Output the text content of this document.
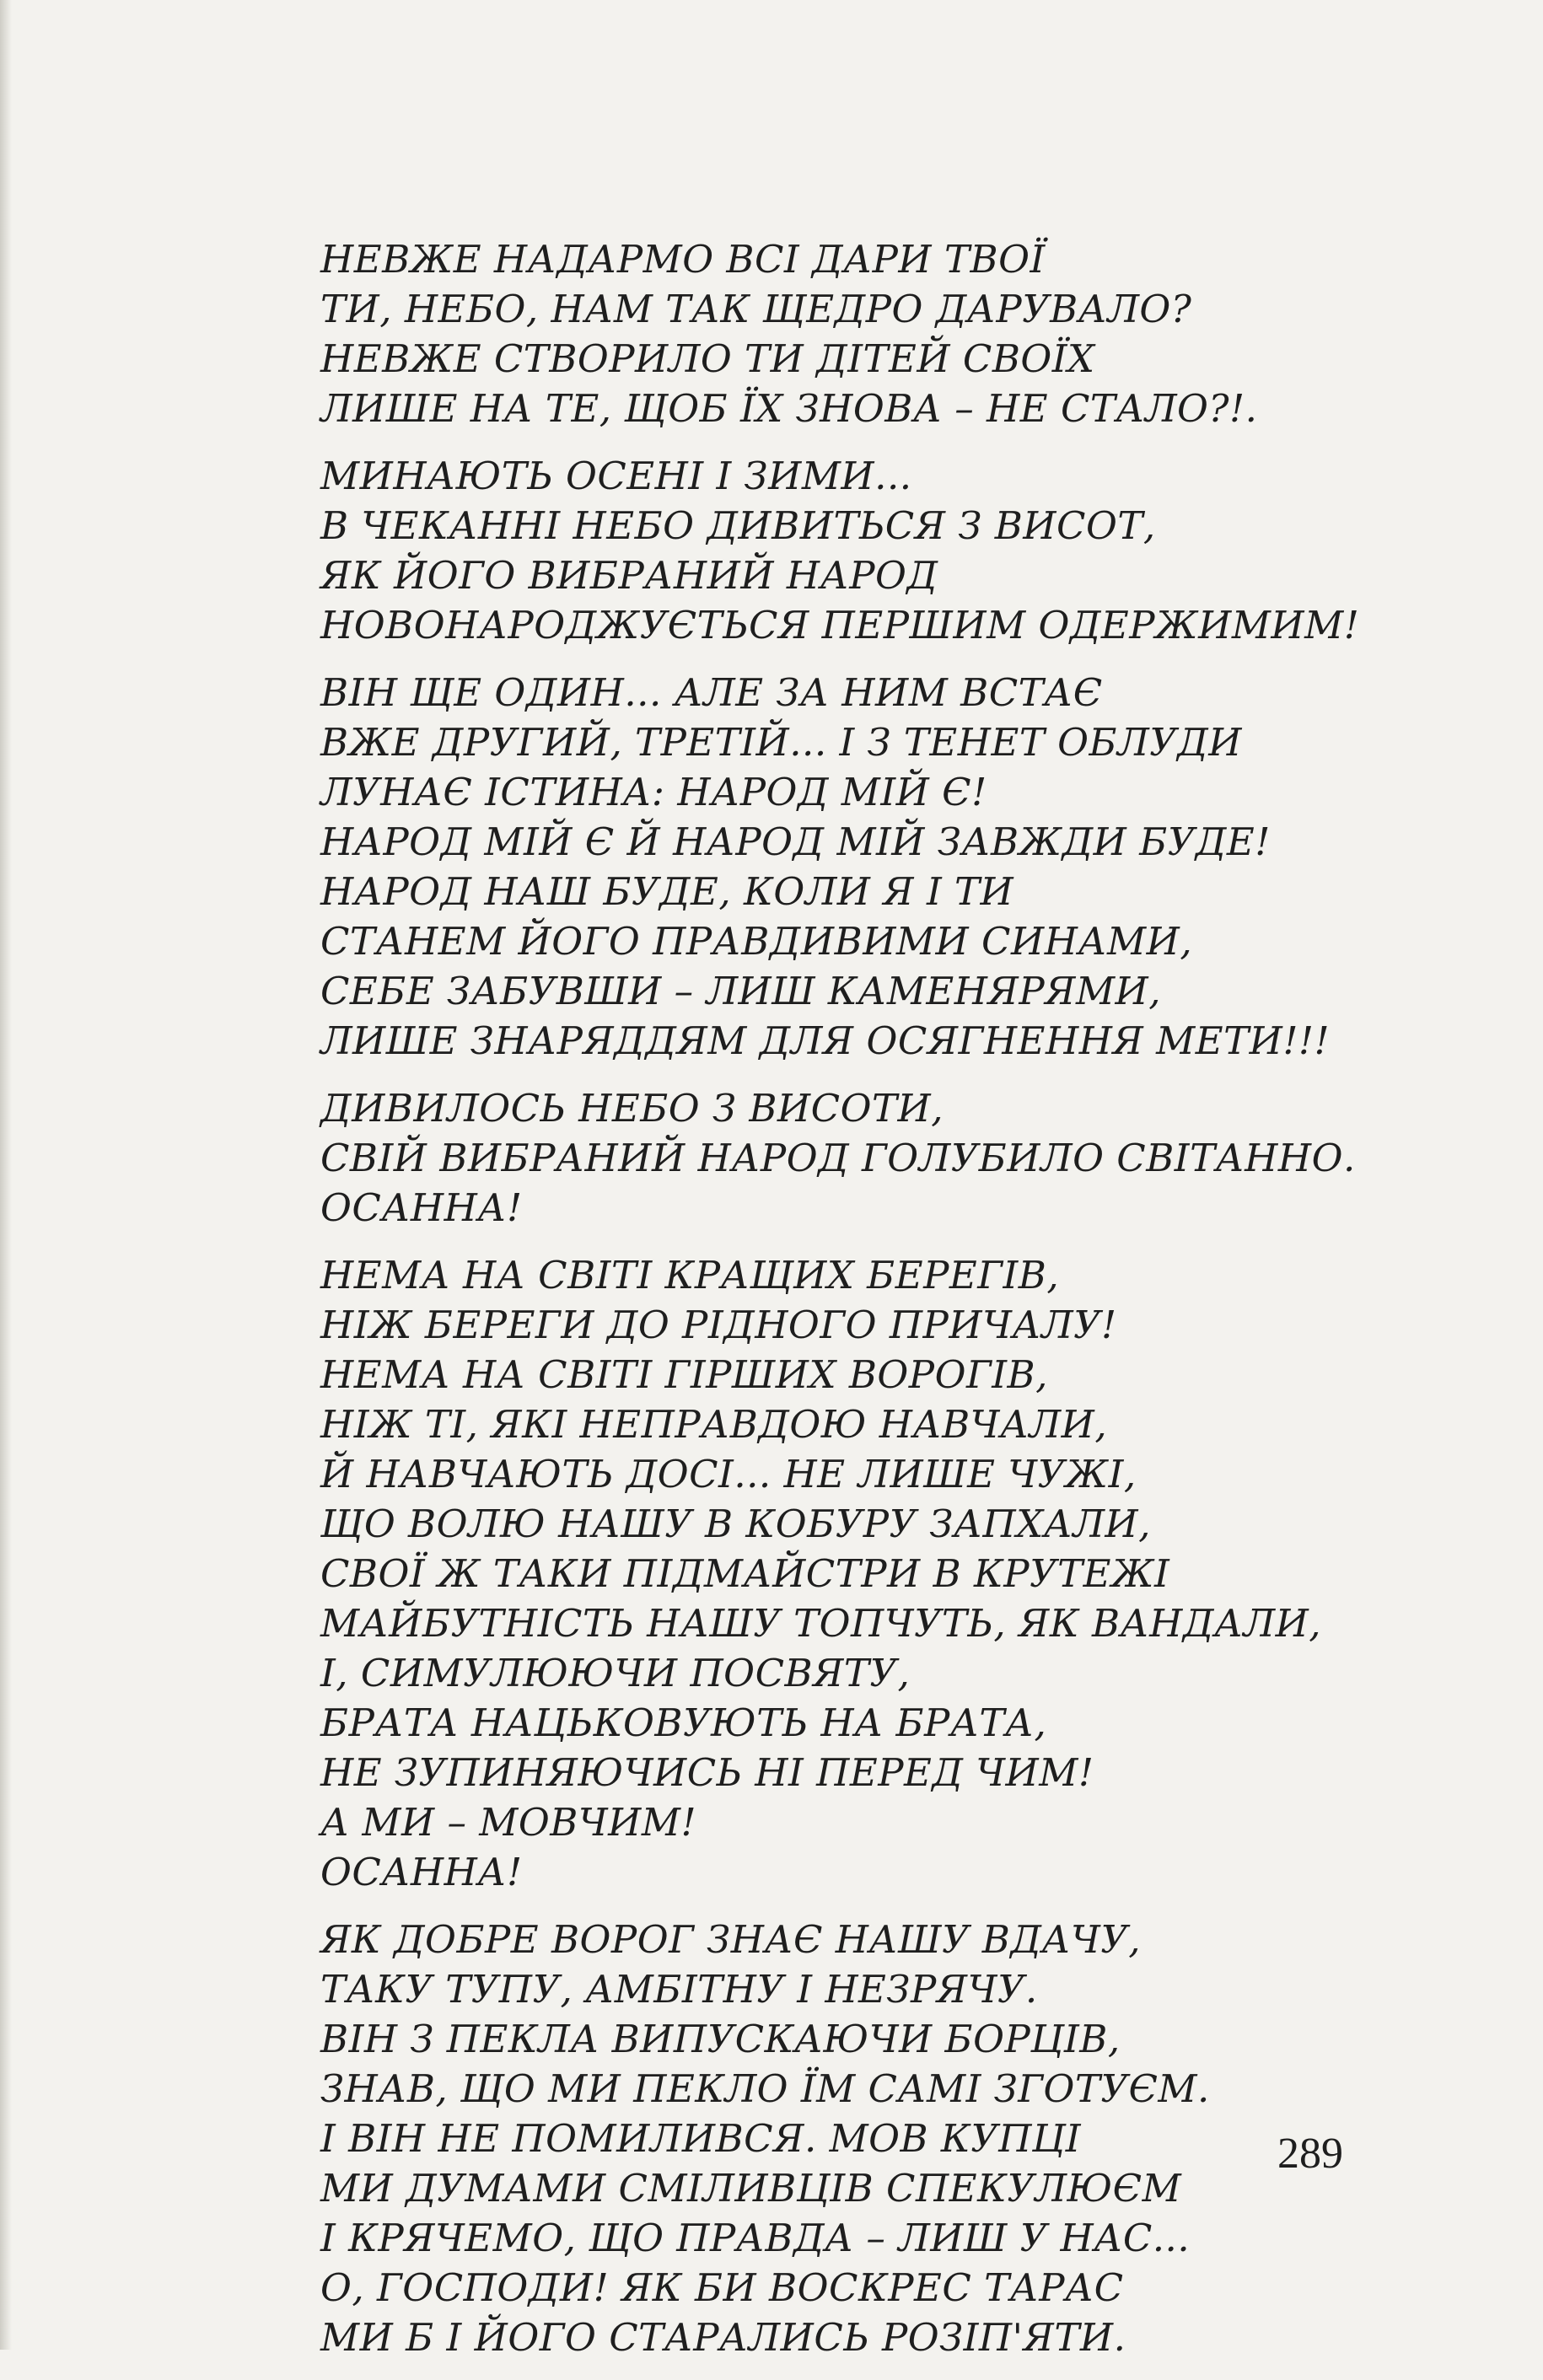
НЕВЖЕ НАДАРМО ВСІ ДАРИ ТВОЇ
ТИ, НЕБО, НАМ ТАК ЩЕДРО ДАРУВАЛО?
НЕВЖЕ СТВОРИЛО ТИ ДІТЕЙ СВОЇХ
ЛИШЕ НА ТЕ, ЩОБ ЇХ ЗНОВА – НЕ СТАЛО?!.
МИНАЮТЬ ОСЕНІ І ЗИМИ...
В ЧЕКАННІ НЕБО ДИВИТЬСЯ З ВИСОТ,
ЯК ЙОГО ВИБРАНИЙ НАРОД
НОВОНАРОДЖУЄТЬСЯ ПЕРШИМ ОДЕРЖИМИМ!
ВІН ЩЕ ОДИН... АЛЕ ЗА НИМ ВСТАЄ
ВЖЕ ДРУГИЙ, ТРЕТІЙ... І З ТЕНЕТ ОБЛУДИ
ЛУНАЄ ІСТИНА: НАРОД МІЙ Є!
НАРОД МІЙ Є Й НАРОД МІЙ ЗАВЖДИ БУДЕ!
НАРОД НАШ БУДЕ, КОЛИ Я І ТИ
СТАНЕМ ЙОГО ПРАВДИВИМИ СИНАМИ,
СЕБЕ ЗАБУВШИ – ЛИШ КАМЕНЯРЯМИ,
ЛИШЕ ЗНАРЯДДЯМ ДЛЯ ОСЯГНЕННЯ МЕТИ!!!
ДИВИЛОСЬ НЕБО З ВИСОТИ,
СВІЙ ВИБРАНИЙ НАРОД ГОЛУБИЛО СВІТАННО.
ОСАННА!
НЕМА НА СВІТІ КРАЩИХ БЕРЕГІВ,
НІЖ БЕРЕГИ ДО РІДНОГО ПРИЧАЛУ!
НЕМА НА СВІТІ ГІРШИХ ВОРОГІВ,
НІЖ ТІ, ЯКІ НЕПРАВДОЮ НАВЧАЛИ,
Й НАВЧАЮТЬ ДОСІ... НЕ ЛИШЕ ЧУЖІ,
ЩО ВОЛЮ НАШУ В КОБУРУ ЗАПХАЛИ,
СВОЇ Ж ТАКИ ПІДМАЙСТРИ В КРУТЕЖІ
МАЙБУТНІСТЬ НАШУ ТОПЧУТЬ, ЯК ВАНДАЛИ,
І, СИМУЛЮЮЧИ ПОСВЯТУ,
БРАТА НАЦЬКОВУЮТЬ НА БРАТА,
НЕ ЗУПИНЯЮЧИСЬ НІ ПЕРЕД ЧИМ!
А МИ – МОВЧИМ!
ОСАННА!
ЯК ДОБРЕ ВОРОГ ЗНАЄ НАШУ ВДАЧУ,
ТАКУ ТУПУ, АМБІТНУ І НЕЗРЯЧУ.
ВІН З ПЕКЛА ВИПУСКАЮЧИ БОРЦІВ,
ЗНАВ, ЩО МИ ПЕКЛО ЇМ САМІ ЗГОТУЄМ.
І ВІН НЕ ПОМИЛИВСЯ. МОВ КУПЦІ
МИ ДУМАМИ СМІЛИВЦІВ СПЕКУЛЮЄМ
І КРЯЧЕМО, ЩО ПРАВДА – ЛИШ У НАС...
О, ГОСПОДИ! ЯК БИ ВОСКРЕС ТАРАС
МИ Б І ЙОГО СТАРАЛИСЬ РОЗІП'ЯТИ.
289
